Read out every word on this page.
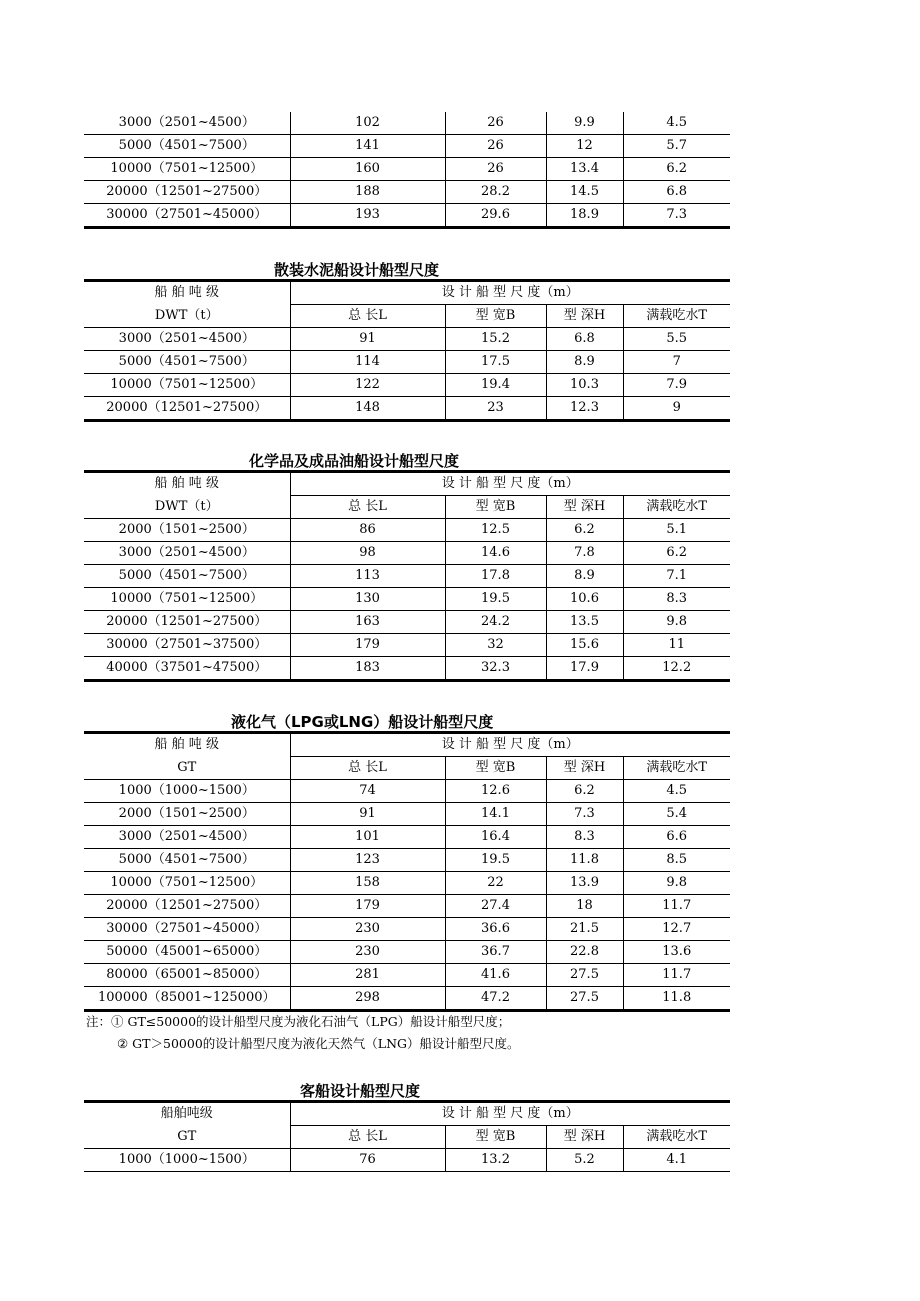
3000（2501~4500）	102	26	9.9	4.5
5000（4501~7500）	141	26	12	5.7
10000（7501~12500）	160	26	13.4	6.2
20000（12501~27500）	188	28.2	14.5	6.8
30000（27501~45000）	193	29.6	18.9	7.3
散装水泥船设计船型尺度
船 舶 吨 级	设 计 船 型 尺 度（m）			
DWT（t）	总 长L	型 宽B	型 深H	满载吃水T
3000（2501~4500）	91	15.2	6.8	5.5
5000（4501~7500）	114	17.5	8.9	7
10000（7501~12500）	122	19.4	10.3	7.9
20000（12501~27500）	148	23	12.3	9
化学品及成品油船设计船型尺度
船 舶 吨 级	设 计 船 型 尺 度（m）			
DWT（t）	总 长L	型 宽B	型 深H	满载吃水T
2000（1501~2500）	86	12.5	6.2	5.1
3000（2501~4500）	98	14.6	7.8	6.2
5000（4501~7500）	113	17.8	8.9	7.1
10000（7501~12500）	130	19.5	10.6	8.3
20000（12501~27500）	163	24.2	13.5	9.8
30000（27501~37500）	179	32	15.6	11
40000（37501~47500）	183	32.3	17.9	12.2
液化气（LPG或LNG）船设计船型尺度
船 舶 吨 级	设 计 船 型 尺 度（m）			
GT	总 长L	型 宽B	型 深H	满载吃水T
1000（1000~1500）	74	12.6	6.2	4.5
2000（1501~2500）	91	14.1	7.3	5.4
3000（2501~4500）	101	16.4	8.3	6.6
5000（4501~7500）	123	19.5	11.8	8.5
10000（7501~12500）	158	22	13.9	9.8
20000（12501~27500）	179	27.4	18	11.7
30000（27501~45000）	230	36.6	21.5	12.7
50000（45001~65000）	230	36.7	22.8	13.6
80000（65001~85000）	281	41.6	27.5	11.7
100000（85001~125000）	298	47.2	27.5	11.8
注：① GT≤50000的设计船型尺度为液化石油气（LPG）船设计船型尺度；
② GT＞50000的设计船型尺度为液化天然气（LNG）船设计船型尺度。
客船设计船型尺度
船舶吨级	设 计 船 型 尺 度（m）			
GT	总 长L	型 宽B	型 深H	满载吃水T
1000（1000~1500）	76	13.2	5.2	4.1
